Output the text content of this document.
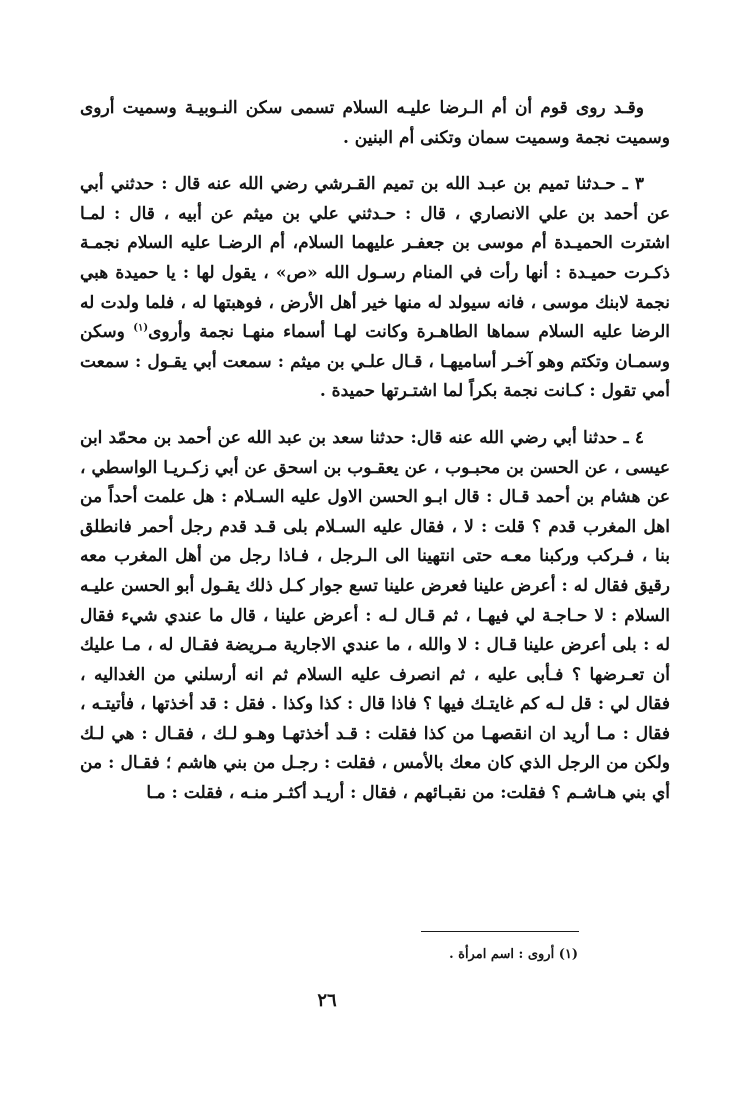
وقـد روى قوم أن أم الـرضا عليـه السلام تسمى سكن النـوبيـة وسميت أروى وسميت نجمة وسميت سمان وتكنى أم البنين .

٣ ـ حـدثنا تميم بن عبـد الله بن تميم القـرشي رضي الله عنه قال : حدثني أبي عن أحمد بن علي الانصاري ، قال : حـدثني علي بن ميثم عن أبيه ، قال : لمـا اشترت الحميـدة أم موسى بن جعفـر عليهما السلام، أم الرضـا عليه السلام نجمـة ذكـرت حميـدة : أنها رأت في المنام رسـول الله «ص» ، يقول لها : يا حميدة هبي نجمة لابنك موسى ، فانه سيولد له منها خير أهل الأرض ، فوهبتها له ، فلما ولدت له الرضا عليه السلام سماها الطاهـرة وكانت لهـا أسماء منهـا نجمة وأروى$^{(١)}$ وسكن وسمـان وتكتم وهو آخـر أساميهـا ، قـال علـي بن ميثم : سمعت أبي يقـول : سمعت أمي تقول : كـانت نجمة بكراً لما اشتـرتها حميدة .

٤ ـ حدثنا أبي رضي الله عنه قال: حدثنا سعد بن عبد الله عن أحمد بن محمّد ابن عيسى ، عن الحسن بن محبـوب ، عن يعقـوب بن اسحق عن أبي زكـريـا الواسطي ، عن هشام بن أحمد قـال : قال ابـو الحسن الاول عليه السـلام : هل علمت أحداً من اهل المغرب قدم ؟ قلت : لا ، فقال عليه السـلام بلى قـد قدم رجل أحمر فانطلق بنا ، فـركب وركبنا معـه حتى انتهينا الى الـرجل ، فـاذا رجل من أهل المغرب معه رقيق فقال له : أعرض علينا فعرض علينا تسع جوار كـل ذلك يقـول أبو الحسن عليـه السلام : لا حـاجـة لي فيهـا ، ثم قـال لـه : أعرض علينا ، قال ما عندي شيء فقال له : بلى أعرض علينا قـال : لا والله ، ما عندي الاجارية مـريضة فقـال له ، مـا عليك أن تعـرضها ؟ فـأبى عليه ، ثم انصرف عليه السلام ثم انه أرسلني من الغداليه ، فقال لي : قل لـه كم غايتـك فيها ؟ فاذا قال : كذا وكذا . فقل : قد أخذتها ، فأتيتـه ، فقال : مـا أريد ان انقصهـا من كذا فقلت : قـد أخذتهـا وهـو لـك ، فقـال : هي لـك ولكن من الرجل الذي كان معك بالأمس ، فقلت : رجـل من بني هاشم ؛ فقـال : من أي بني هـاشـم ؟ فقلت: من نقبـائهم ، فقال : أريـد أكثـر منـه ، فقلت : مـا

(١) أروى : اسم امرأة .
٢٦
